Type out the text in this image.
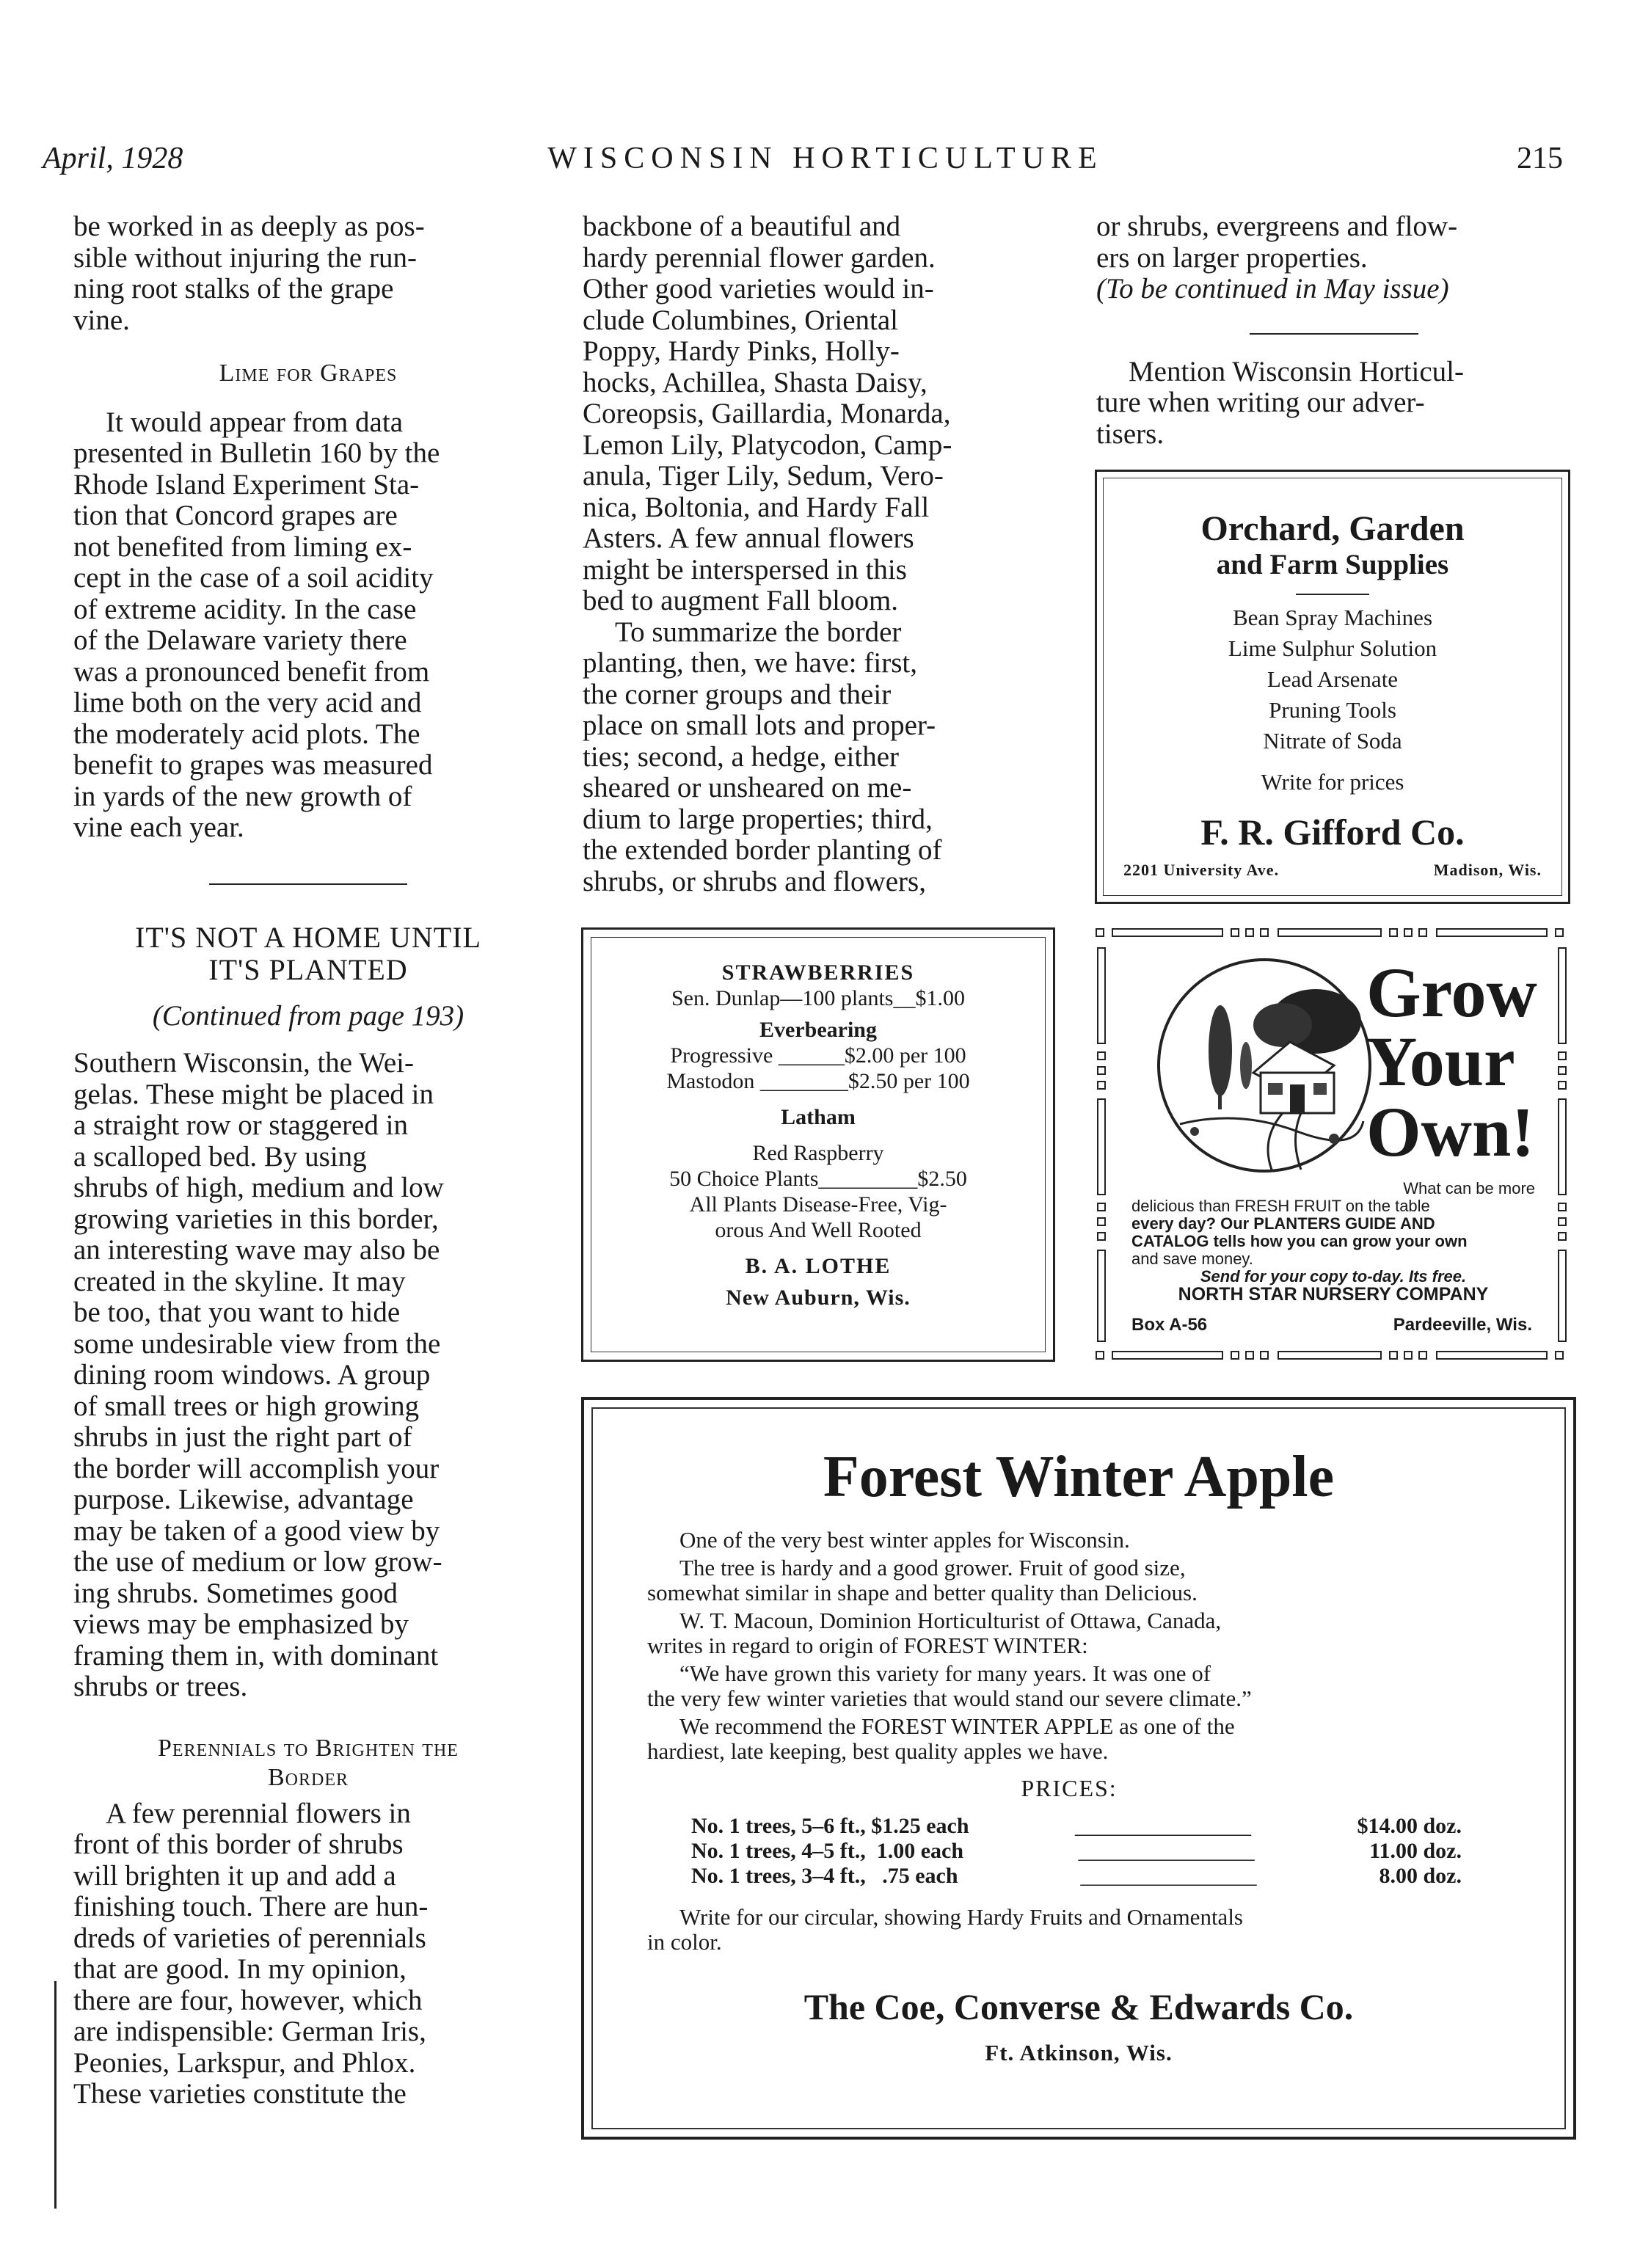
April, 1928	WISCONSIN HORTICULTURE	215

be worked in as deeply as pos-

sible without injuring the run-

ning root stalks of the grape

vine.

Lime for Grapes

It would appear from data

presented in Bulletin 160 by the

Rhode Island Experiment Sta-

tion that Concord grapes are

not benefited from liming ex-

cept in the case of a soil acidity

of extreme acidity. In the case

of the Delaware variety there

was a pronounced benefit from

lime both on the very acid and

the moderately acid plots. The

benefit to grapes was measured

in yards of the new growth of

vine each year.

IT'S NOT A HOME UNTIL
IT'S PLANTED
(Continued from page 193)

Southern Wisconsin, the Wei-

gelas. These might be placed in

a straight row or staggered in

a scalloped bed. By using

shrubs of high, medium and low

growing varieties in this border,

an interesting wave may also be

created in the skyline. It may

be too, that you want to hide

some undesirable view from the

dining room windows. A group

of small trees or high growing

shrubs in just the right part of

the border will accomplish your

purpose. Likewise, advantage

may be taken of a good view by

the use of medium or low grow-

ing shrubs. Sometimes good

views may be emphasized by

framing them in, with dominant

shrubs or trees.

Perennials to Brighten the
Border

A few perennial flowers in

front of this border of shrubs

will brighten it up and add a

finishing touch. There are hun-

dreds of varieties of perennials

that are good. In my opinion,

there are four, however, which

are indispensible: German Iris,

Peonies, Larkspur, and Phlox.

These varieties constitute the

backbone of a beautiful and

hardy perennial flower garden.

Other good varieties would in-

clude Columbines, Oriental

Poppy, Hardy Pinks, Holly-

hocks, Achillea, Shasta Daisy,

Coreopsis, Gaillardia, Monarda,

Lemon Lily, Platycodon, Camp-

anula, Tiger Lily, Sedum, Vero-

nica, Boltonia, and Hardy Fall

Asters. A few annual flowers

might be interspersed in this

bed to augment Fall bloom.

To summarize the border

planting, then, we have: first,

the corner groups and their

place on small lots and proper-

ties; second, a hedge, either

sheared or unsheared on me-

dium to large properties; third,

the extended border planting of

shrubs, or shrubs and flowers,

or shrubs, evergreens and flow-

ers on larger properties.

(To be continued in May issue)

Mention Wisconsin Horticul-

ture when writing our adver-

tisers.

Orchard, Garden
and Farm Supplies
Bean Spray Machines
Lime Sulphur Solution
Lead Arsenate
Pruning Tools
Nitrate of Soda
Write for prices
F. R. Gifford Co.
2201 University Ave.	Madison, Wis.
STRAWBERRIES
Sen. Dunlap—100 plants__$1.00
Everbearing
Progressive ______$2.00 per 100
Mastodon ________$2.50 per 100
Latham
Red Raspberry
50 Choice Plants_________$2.50
All Plants Disease-Free, Vig-
orous And Well Rooted
B. A. LOTHE
New Auburn, Wis.
Grow
Your
Own!
What can be more
delicious than FRESH FRUIT on the table
every day? Our PLANTERS GUIDE AND
CATALOG tells how you can grow your own
and save money.
Send for your copy to-day. Its free.
NORTH STAR NURSERY COMPANY
Box A-56	Pardeeville, Wis.
Forest Winter Apple

One of the very best winter apples for Wisconsin.

The tree is hardy and a good grower. Fruit of good size,

somewhat similar in shape and better quality than Delicious.

W. T. Macoun, Dominion Horticulturist of Ottawa, Canada,

writes in regard to origin of FOREST WINTER:

“We have grown this variety for many years. It was one of

the very few winter varieties that would stand our severe climate.”

We recommend the FOREST WINTER APPLE as one of the

hardiest, late keeping, best quality apples we have.

PRICES:

No. 1 trees, 5–6 ft., $1.25 each	________________	$14.00 doz.
No. 1 trees, 4–5 ft.,  1.00 each	________________	11.00 doz.
No. 1 trees, 3–4 ft.,   .75 each	________________	8.00 doz.

Write for our circular, showing Hardy Fruits and Ornamentals

in color.

The Coe, Converse & Edwards Co.
Ft. Atkinson, Wis.
